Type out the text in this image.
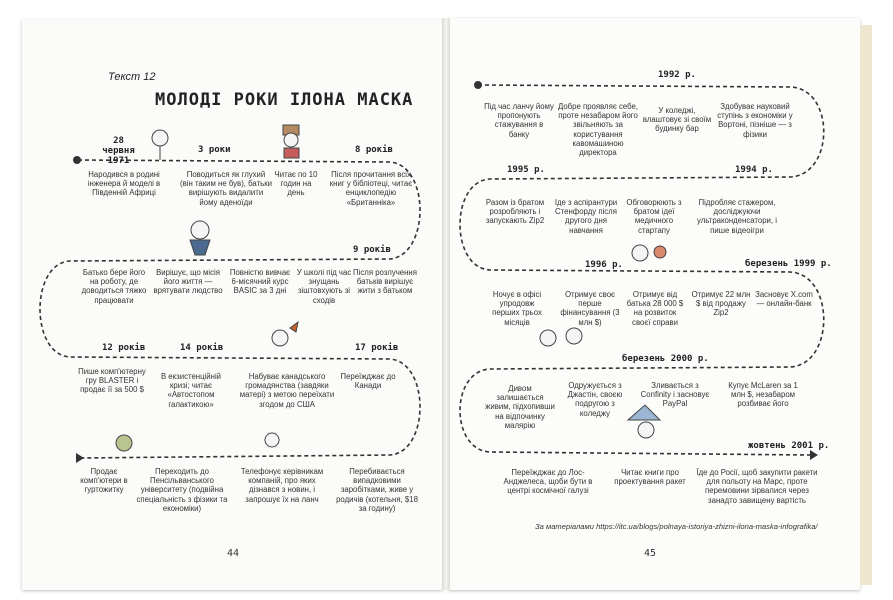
Текст 12
МОЛОДІ РОКИ ІЛОНА МАСКА
28 червня 1971
3 роки	8 років
9 років
12 років	14 років	17 років
Народився в родині інженера й моделі в Південній Африці
Поводиться як глухий (він таким не був), батьки вирішують видалити йому аденоїди
Читає по 10 годин на день
Після прочитання всіх книг у бібліотеці, читає енциклопедію «Британніка»
Батько бере його на роботу, де доводиться тяжко працювати
Вирішує, що місія його життя — врятувати людство
Повністю вивчає 6-місячний курс BASIC за 3 дні
У школі під час знущань зіштовхують зі сходів
Після розлучення батьків вирішує жити з батьком
Пише комп'ютерну гру BLASTER і продає її за 500 $
В екзистенційній кризі; читає «Автостопом галактикою»
Набуває канадського громадянства (завдяки матері) з метою переїхати згодом до США
Переїжджає до Канади
Продає комп'ютери в гуртожитку
Переходить до Пенсільванського університету (подвійна спеціальність з фізики та економіки)
Телефонує керівникам компаній, про яких дізнався з новин, і запрошує їх на ланч
Перебивається випадковими заробітками, живе у родичів (котельня, $18 за годину)
44
1992 р.
1995 р.	1994 р.
1996 р.	березень 1999 р.
березень 2000 р.
жовтень 2001 р.
Під час ланчу йому пропонують стажування в банку
Добре проявляє себе, проте незабаром його звільняють за користування кавомашиною директора
У коледжі, влаштовує зі своїм будинку бар
Здобуває науковий ступінь з економіки у Вортоні, пізніше — з фізики
Разом із братом розробляють і запускають Zip2
Іде з аспірантури Стенфорду після другого дня навчання
Обговорюють з братом ідеї медичного стартапу
Підробляє стажером, досліджуючи ультраконденсатори, і пише відеоігри
Ночує в офісі упродовж перших трьох місяців
Отримує своє перше фінансування (3 млн $)
Отримує від батька 28 000 $ на розвиток своєї справи
Отримує 22 млн $ від продажу Zip2
Засновує X.com — онлайн-банк
Дивом залишається живим, підхопивши на відпочинку малярію
Одружується з Джастін, своєю подругою з коледжу
Зливається з Confinity і засновує PayPal
Купує McLaren за 1 млн $, незабаром розбиває його
Переїжджає до Лос-Анджелеса, щоби бути в центрі космічної галузі
Читає книги про проектування ракет
Їде до Росії, щоб закупити ракети для польоту на Марс, проте перемовини зірвалися через занадто завищену вартість
За матеріалами https://itc.ua/blogs/polnaya-istoriya-zhizni-ilona-maska-infografika/
45
